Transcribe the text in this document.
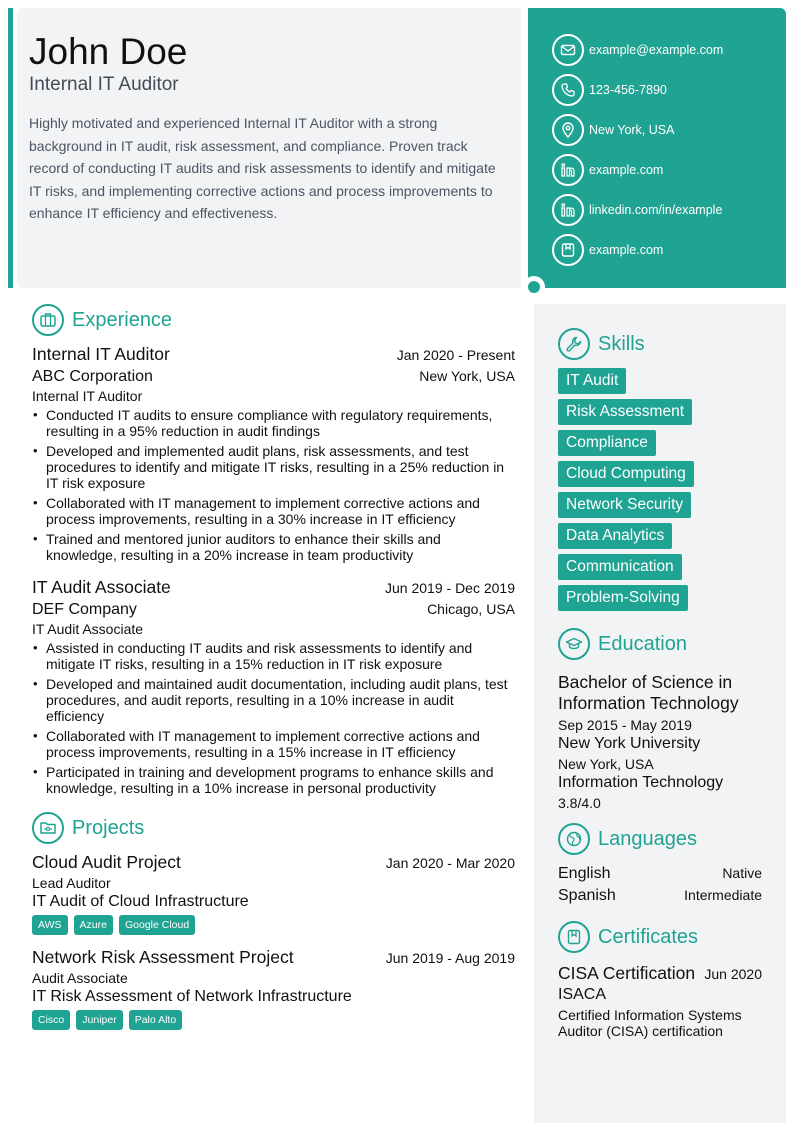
John Doe
Internal IT Auditor
Highly motivated and experienced Internal IT Auditor with a strong background in IT audit, risk assessment, and compliance. Proven track record of conducting IT audits and risk assessments to identify and mitigate IT risks, and implementing corrective actions and process improvements to enhance IT efficiency and effectiveness.
example@example.com
123-456-7890
New York, USA
example.com
linkedin.com/in/example
example.com
Experience
Internal IT Auditor	Jan 2020 - Present
ABC Corporation	New York, USA
Internal IT Auditor
• Conducted IT audits to ensure compliance with regulatory requirements, resulting in a 95% reduction in audit findings
• Developed and implemented audit plans, risk assessments, and test procedures to identify and mitigate IT risks, resulting in a 25% reduction in IT risk exposure
• Collaborated with IT management to implement corrective actions and process improvements, resulting in a 30% increase in IT efficiency
• Trained and mentored junior auditors to enhance their skills and knowledge, resulting in a 20% increase in team productivity
IT Audit Associate	Jun 2019 - Dec 2019
DEF Company	Chicago, USA
IT Audit Associate
• Assisted in conducting IT audits and risk assessments to identify and mitigate IT risks, resulting in a 15% reduction in IT risk exposure
• Developed and maintained audit documentation, including audit plans, test procedures, and audit reports, resulting in a 10% increase in audit efficiency
• Collaborated with IT management to implement corrective actions and process improvements, resulting in a 15% increase in IT efficiency
• Participated in training and development programs to enhance skills and knowledge, resulting in a 10% increase in personal productivity
Projects
Cloud Audit Project	Jan 2020 - Mar 2020
Lead Auditor
IT Audit of Cloud Infrastructure
AWS	Azure	Google Cloud
Network Risk Assessment Project	Jun 2019 - Aug 2019
Audit Associate
IT Risk Assessment of Network Infrastructure
Cisco	Juniper	Palo Alto
Skills
IT Audit
Risk Assessment
Compliance
Cloud Computing
Network Security
Data Analytics
Communication
Problem-Solving
Education
Bachelor of Science in Information Technology
Sep 2015 - May 2019
New York University
New York, USA
Information Technology
3.8/4.0
Languages
English	Native
Spanish	Intermediate
Certificates
CISA Certification Jun 2020
ISACA
Certified Information Systems Auditor (CISA) certification
